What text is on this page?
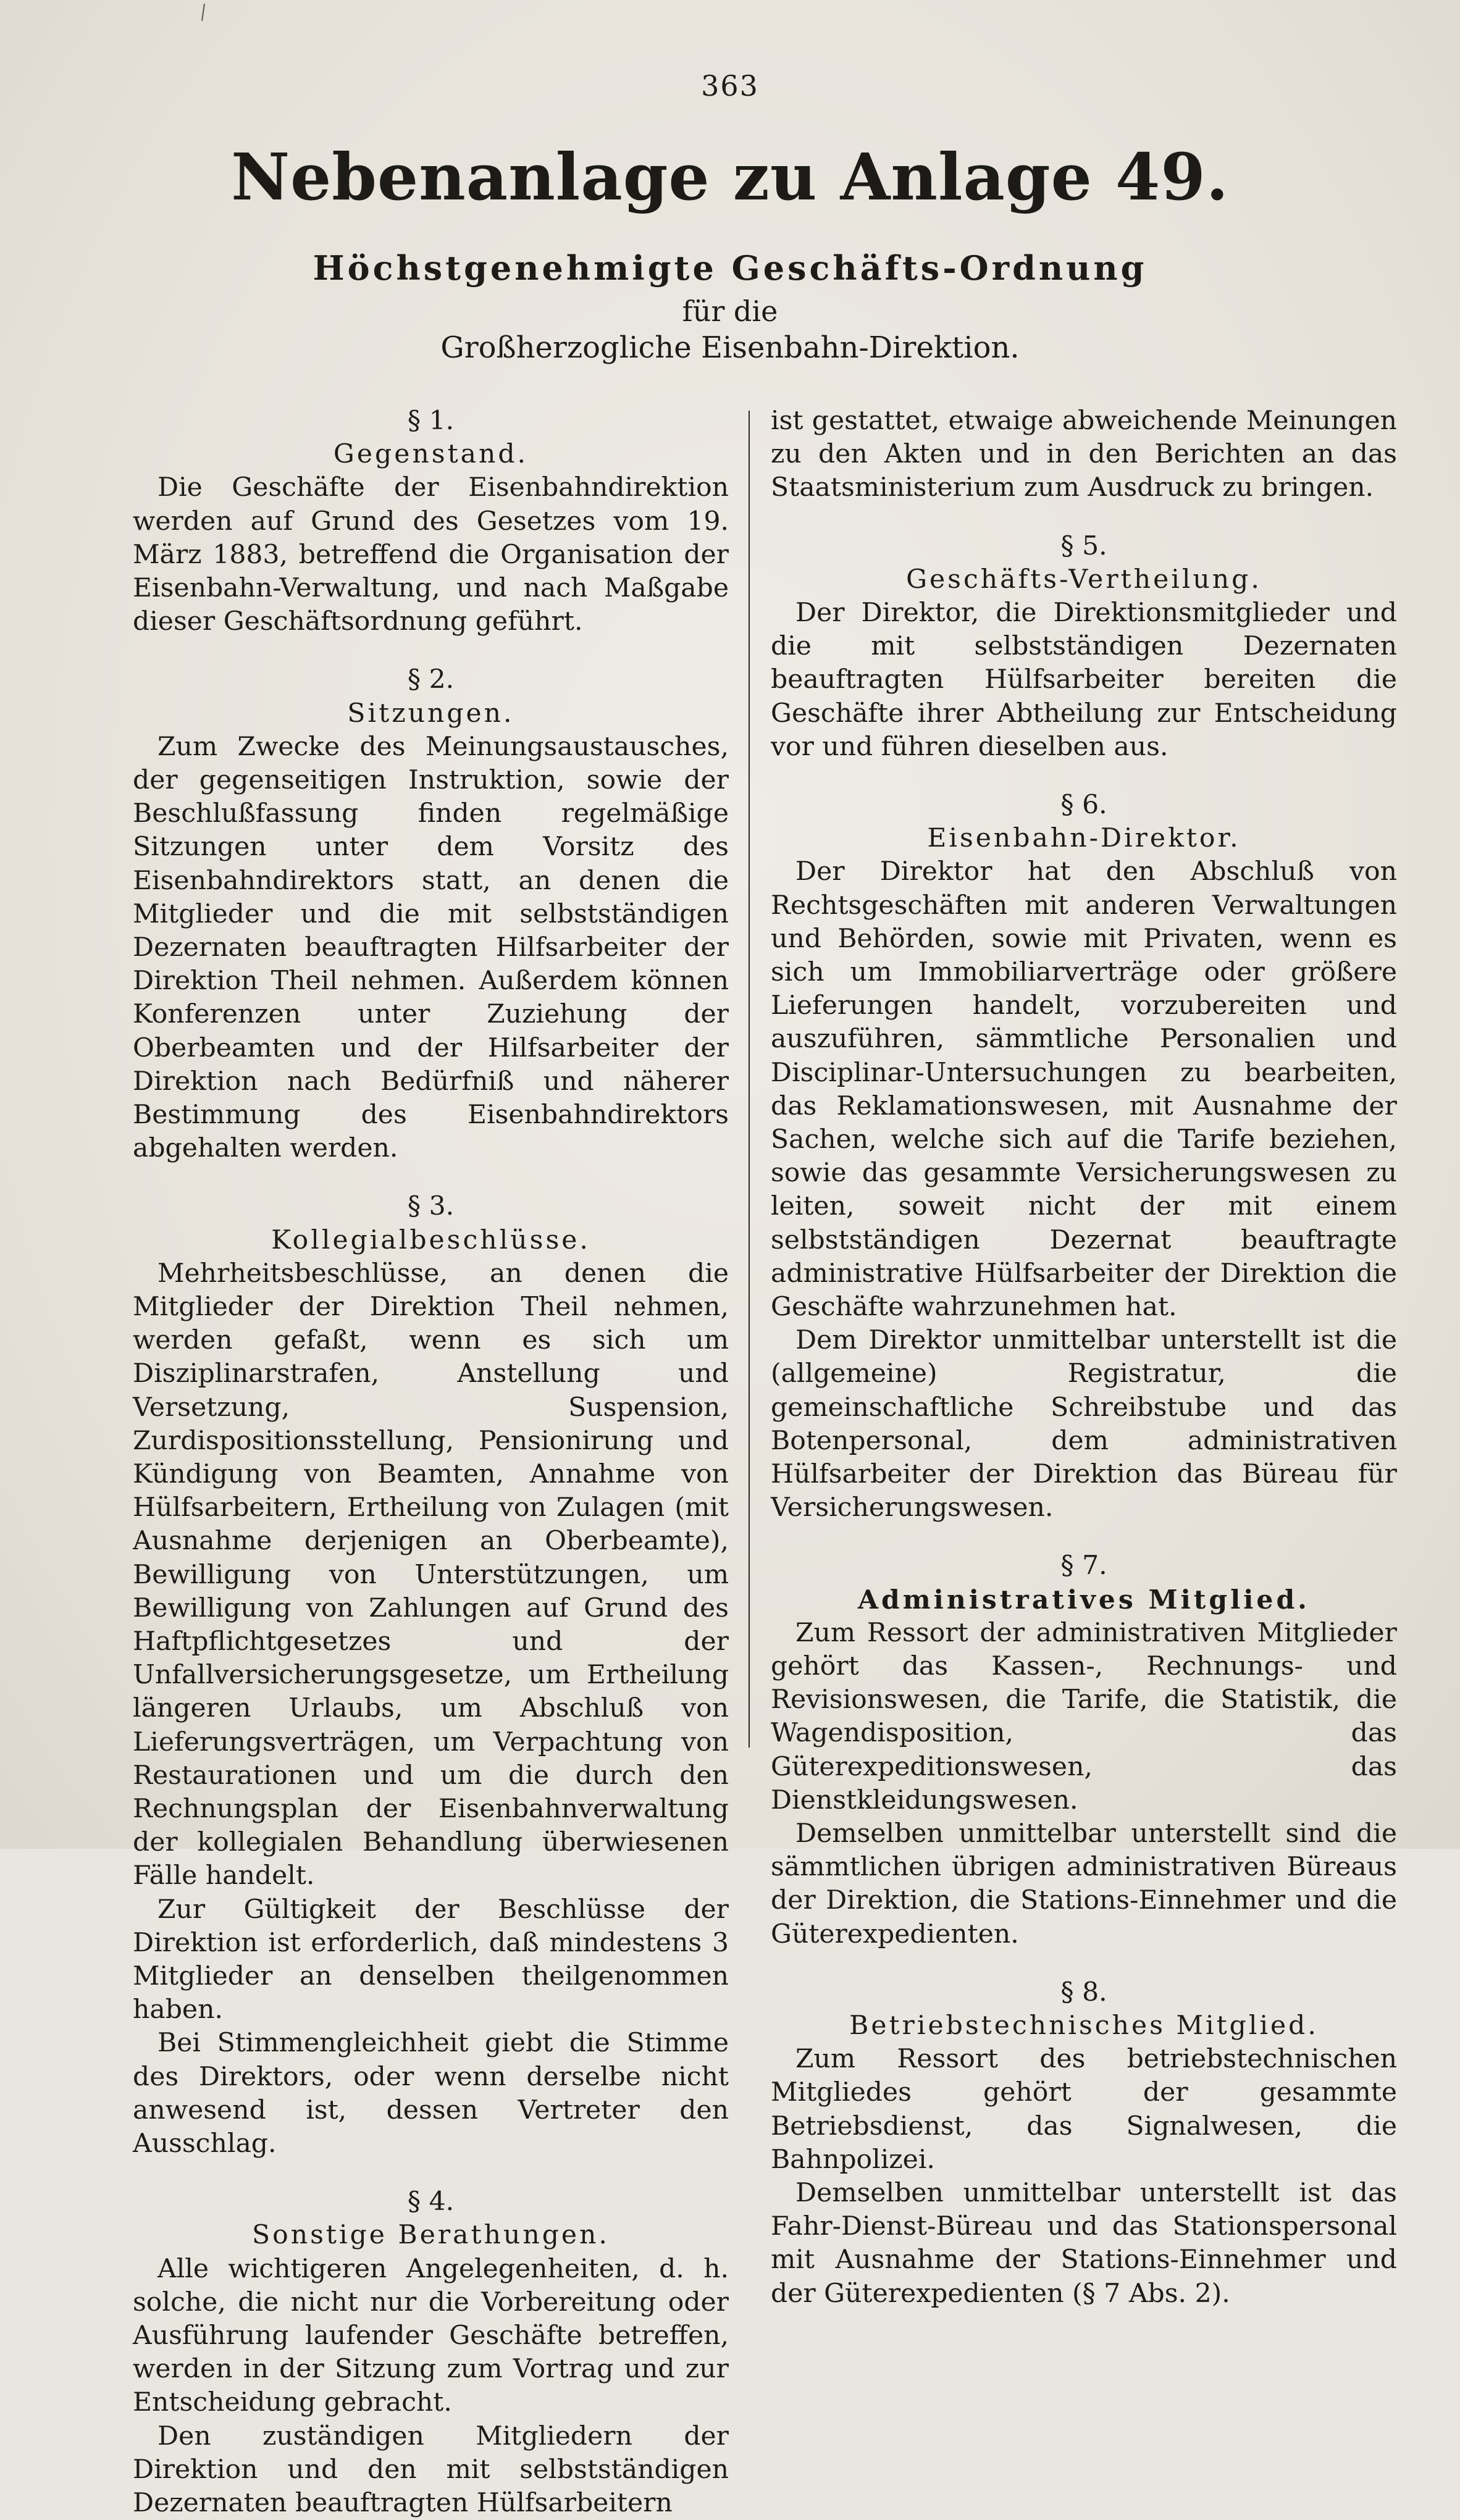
363
Nebenanlage zu Anlage 49.
Höchstgenehmigte Geschäfts-Ordnung
für die
Großherzogliche Eisenbahn-Direktion.
§ 1.
Gegenstand.

Die Geschäfte der Eisenbahndirektion werden auf Grund des Gesetzes vom 19. März 1883, betreffend die Organisation der Eisenbahn-Verwaltung, und nach Maßgabe dieser Geschäftsordnung geführt.

§ 2.
Sitzungen.

Zum Zwecke des Meinungsaustausches, der gegenseitigen Instruktion, sowie der Beschlußfassung finden regelmäßige Sitzungen unter dem Vorsitz des Eisenbahndirektors statt, an denen die Mitglieder und die mit selbstständigen Dezernaten beauftragten Hilfsarbeiter der Direktion Theil nehmen. Außerdem können Konferenzen unter Zuziehung der Oberbeamten und der Hilfsarbeiter der Direktion nach Bedürfniß und näherer Bestimmung des Eisenbahndirektors abgehalten werden.

§ 3.
Kollegialbeschlüsse.

Mehrheitsbeschlüsse, an denen die Mitglieder der Direktion Theil nehmen, werden gefaßt, wenn es sich um Disziplinarstrafen, Anstellung und Versetzung, Suspension, Zurdispositionsstellung, Pensionirung und Kündigung von Beamten, Annahme von Hülfsarbeitern, Ertheilung von Zulagen (mit Ausnahme derjenigen an Oberbeamte), Bewilligung von Unterstützungen, um Bewilligung von Zahlungen auf Grund des Haftpflichtgesetzes und der Unfallversicherungsgesetze, um Ertheilung längeren Urlaubs, um Abschluß von Lieferungsverträgen, um Verpachtung von Restaurationen und um die durch den Rechnungsplan der Eisenbahnverwaltung der kollegialen Behandlung überwiesenen Fälle handelt.

Zur Gültigkeit der Beschlüsse der Direktion ist erforderlich, daß mindestens 3 Mitglieder an denselben theilgenommen haben.

Bei Stimmengleichheit giebt die Stimme des Direktors, oder wenn derselbe nicht anwesend ist, dessen Vertreter den Ausschlag.

§ 4.
Sonstige Berathungen.

Alle wichtigeren Angelegenheiten, d. h. solche, die nicht nur die Vorbereitung oder Ausführung laufender Geschäfte betreffen, werden in der Sitzung zum Vortrag und zur Entscheidung gebracht.

Den zuständigen Mitgliedern der Direktion und den mit selbstständigen Dezernaten beauftragten Hülfsarbeitern

ist gestattet, etwaige abweichende Meinungen zu den Akten und in den Berichten an das Staatsministerium zum Ausdruck zu bringen.

§ 5.
Geschäfts-Vertheilung.

Der Direktor, die Direktionsmitglieder und die mit selbstständigen Dezernaten beauftragten Hülfsarbeiter bereiten die Geschäfte ihrer Abtheilung zur Entscheidung vor und führen dieselben aus.

§ 6.
Eisenbahn-Direktor.

Der Direktor hat den Abschluß von Rechtsgeschäften mit anderen Verwaltungen und Behörden, sowie mit Privaten, wenn es sich um Immobiliarverträge oder größere Lieferungen handelt, vorzubereiten und auszuführen, sämmtliche Personalien und Disciplinar-Untersuchungen zu bearbeiten, das Reklamationswesen, mit Ausnahme der Sachen, welche sich auf die Tarife beziehen, sowie das gesammte Versicherungswesen zu leiten, soweit nicht der mit einem selbstständigen Dezernat beauftragte administrative Hülfsarbeiter der Direktion die Geschäfte wahrzunehmen hat.

Dem Direktor unmittelbar unterstellt ist die (allgemeine) Registratur, die gemeinschaftliche Schreibstube und das Botenpersonal, dem administrativen Hülfsarbeiter der Direktion das Büreau für Versicherungswesen.

§ 7.
Administratives Mitglied.

Zum Ressort der administrativen Mitglieder gehört das Kassen-, Rechnungs- und Revisionswesen, die Tarife, die Statistik, die Wagendisposition, das Güterexpeditionswesen, das Dienstkleidungswesen.

Demselben unmittelbar unterstellt sind die sämmtlichen übrigen administrativen Büreaus der Direktion, die Stations-Einnehmer und die Güterexpedienten.

§ 8.
Betriebstechnisches Mitglied.

Zum Ressort des betriebstechnischen Mitgliedes gehört der gesammte Betriebsdienst, das Signalwesen, die Bahnpolizei.

Demselben unmittelbar unterstellt ist das Fahr-Dienst-Büreau und das Stationspersonal mit Ausnahme der Stations-Einnehmer und der Güterexpedienten (§ 7 Abs. 2).
